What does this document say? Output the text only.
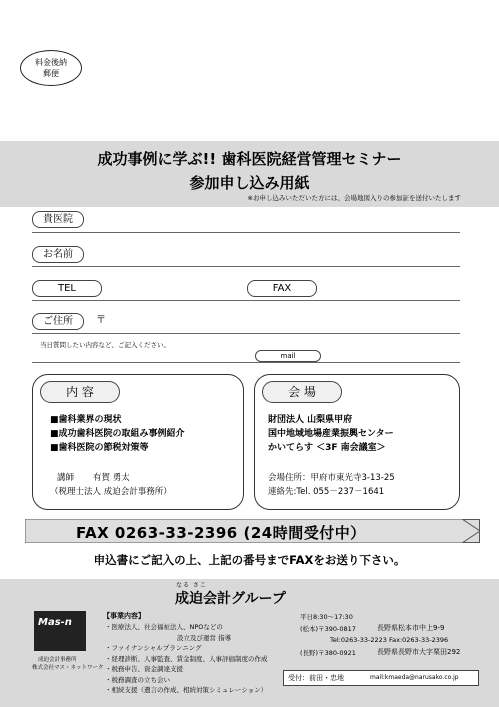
料金後納
郵便
成功事例に学ぶ!! 歯科医院経営管理セミナー
参加申し込み用紙
※お申し込みいただいた方には、会場地図入りの参加証を送付いたします
貴医院
お名前
TEL	FAX
ご住所	〒
当日質問したい内容など、ご記入ください。
mail
内 容
■歯科業界の現状
■成功歯科医院の取組み事例紹介
■歯科医院の節税対策等
講師 有賀 勇太
（税理士法人 成迫会計事務所）
会 場
財団法人 山梨県甲府
国中地域地場産業振興センター
かいてらす ＜3F 南会議室＞
会場住所：甲府市東光寺3-13-25
連絡先:Tel. 055－237－1641
FAX 0263-33-2396 (24時間受付中）
申込書にご記入の上、上記の番号までFAXをお送り下さい。
なる さこ
成迫会計グループ
Mas-n
成迫会計事務所
株式会社マス・ネットワーク
【事業内容】
・医療法人、社会福祉法人、NPOなどの
設立及び運営 指導
・ファイナンシャルプランニング
・経理診断、人事監査、賃金制度、人事評価制度の作成
・税務申告、資金調達支援
・税務調査の立ち会い
・相続支援（遺言の作成、相続対策シミュレーション）
平日8:30～17:30
(松本)〒390-0817	長野県松本市中上9-9
Tel:0263-33-2223 Fax:0263-33-2396
(長野)〒380-0921	長野県長野市大字栗田292
受付：前田・忠地	mail:kmaeda@narusako.co.jp
